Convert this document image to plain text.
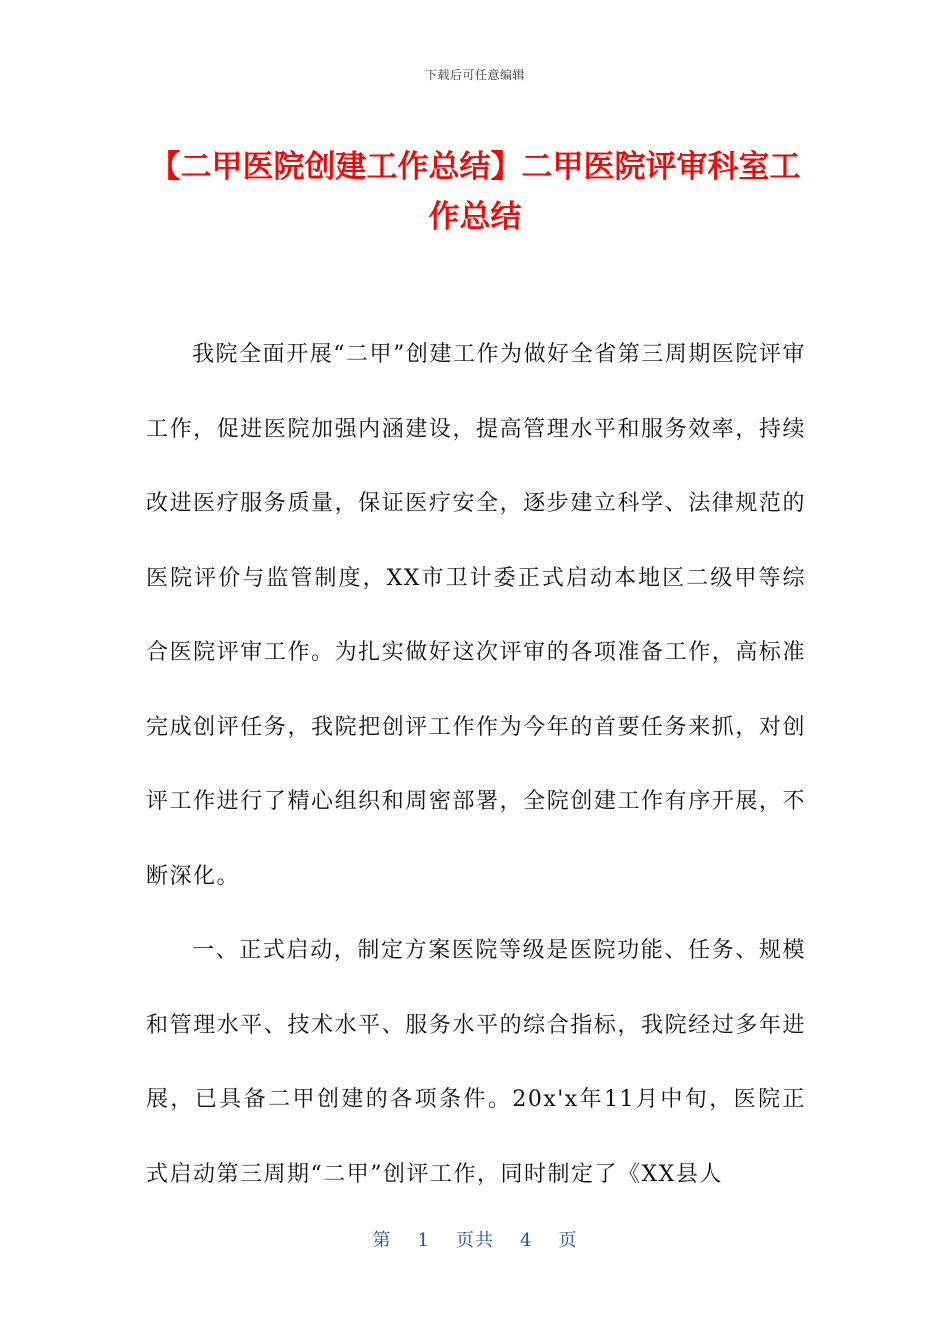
下载后可任意编辑
【二甲医院创建工作总结】二甲医院评审科室工作总结

我院全面开展“二甲”创建工作为做好全省第三周期医院评审工作，促进医院加强内涵建设，提高管理水平和服务效率，持续改进医疗服务质量，保证医疗安全，逐步建立科学、法律规范的医院评价与监管制度，XX市卫计委正式启动本地区二级甲等综合医院评审工作。为扎实做好这次评审的各项准备工作，高标准完成创评任务，我院把创评工作作为今年的首要任务来抓，对创评工作进行了精心组织和周密部署，全院创建工作有序开展，不断深化。

一、正式启动，制定方案医院等级是医院功能、任务、规模和管理水平、技术水平、服务水平的综合指标，我院经过多年进展，已具备二甲创建的各项条件。20x'x年11月中旬，医院正式启动第三周期“二甲”创评工作，同时制定了《XX县人

第 1 页共 4 页
